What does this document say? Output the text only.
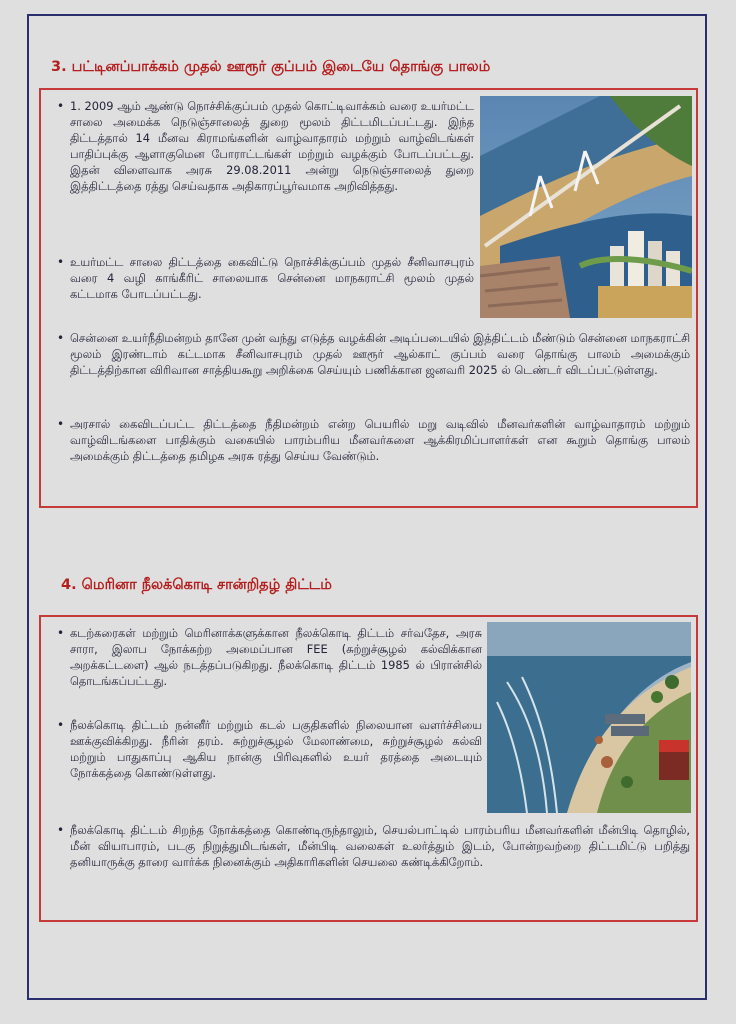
3. பட்டினப்பாக்கம் முதல் ஊரூர் குப்பம் இடையே தொங்கு பாலம்
• 1. 2009 ஆம் ஆண்டு நொச்சிக்குப்பம் முதல் கொட்டிவாக்கம் வரை உயர்மட்ட சாலை அமைக்க நெடுஞ்சாலைத் துறை மூலம் திட்டமிடப்பட்டது. இந்த திட்டத்தால் 14 மீனவ கிராமங்களின் வாழ்வாதாரம் மற்றும் வாழ்விடங்கள் பாதிப்புக்கு ஆளாகுமென போராட்டங்கள் மற்றும் வழக்கும் போடப்பட்டது. இதன் விளைவாக அரசு 29.08.2011 அன்று நெடுஞ்சாலைத் துறை இத்திட்டத்தை ரத்து செய்வதாக அதிகாரப்பூர்வமாக அறிவித்தது.
• உயர்மட்ட சாலை திட்டத்தை கைவிட்டு நொச்சிக்குப்பம் முதல் சீனிவாசபுரம் வரை 4 வழி காங்கீரிட் சாலையாக சென்னை மாநகராட்சி மூலம் முதல் கட்டமாக போடப்பட்டது.
• சென்னை உயர்நீதிமன்றம் தானே முன் வந்து எடுத்த வழக்கின் அடிப்படையில் இத்திட்டம் மீண்டும் சென்னை மாநகராட்சி மூலம் இரண்டாம் கட்டமாக சீனிவாசபுரம் முதல் ஊரூர் ஆல்காட் குப்பம் வரை தொங்கு பாலம் அமைக்கும் திட்டத்திற்கான விரிவான சாத்தியகூறு அறிக்கை செய்யும் பணிக்கான ஜனவரி 2025 ல் டெண்டர் விடப்பட்டுள்ளது.
• அரசால் கைவிடப்பட்ட திட்டத்தை நீதிமன்றம் என்ற பெயரில் மறு வடிவில் மீனவர்களின் வாழ்வாதாரம் மற்றும் வாழ்விடங்களை பாதிக்கும் வகையில் பாரம்பரிய மீனவர்களை ஆக்கிரமிப்பாளர்கள் என கூறும் தொங்கு பாலம் அமைக்கும் திட்டத்தை தமிழக அரசு ரத்து செய்ய வேண்டும்.
4. மெரினா நீலக்கொடி சான்றிதழ் திட்டம்
• கடற்கரைகள் மற்றும் மெரினாக்களுக்கான நீலக்கொடி திட்டம் சர்வதேச, அரசு சாரா, இலாப நோக்கற்ற அமைப்பான FEE (சுற்றுச்சூழல் கல்விக்கான அறக்கட்டளை) ஆல் நடத்தப்படுகிறது. நீலக்கொடி திட்டம் 1985 ல் பிரான்சில் தொடங்கப்பட்டது.
• நீலக்கொடி திட்டம் நன்னீர் மற்றும் கடல் பகுதிகளில் நிலையான வளர்ச்சியை ஊக்குவிக்கிறது. நீரின் தரம். சுற்றுச்சூழல் மேலாண்மை, சுற்றுச்சூழல் கல்வி மற்றும் பாதுகாப்பு ஆகிய நான்கு பிரிவுகளில் உயர் தரத்தை அடையும் நோக்கத்தை கொண்டுள்ளது.
• நீலக்கொடி திட்டம் சிறந்த நோக்கத்தை கொண்டிருந்தாலும், செயல்பாட்டில் பாரம்பரிய மீனவர்களின் மீன்பிடி தொழில், மீன் வியாபாரம், படகு நிறுத்துமிடங்கள், மீன்பிடி வலைகள் உலர்த்தும் இடம், போன்றவற்றை திட்டமிட்டு பறித்து தனியாருக்கு தாரை வார்க்க நினைக்கும் அதிகாரிகளின் செயலை கண்டிக்கிறோம்.
